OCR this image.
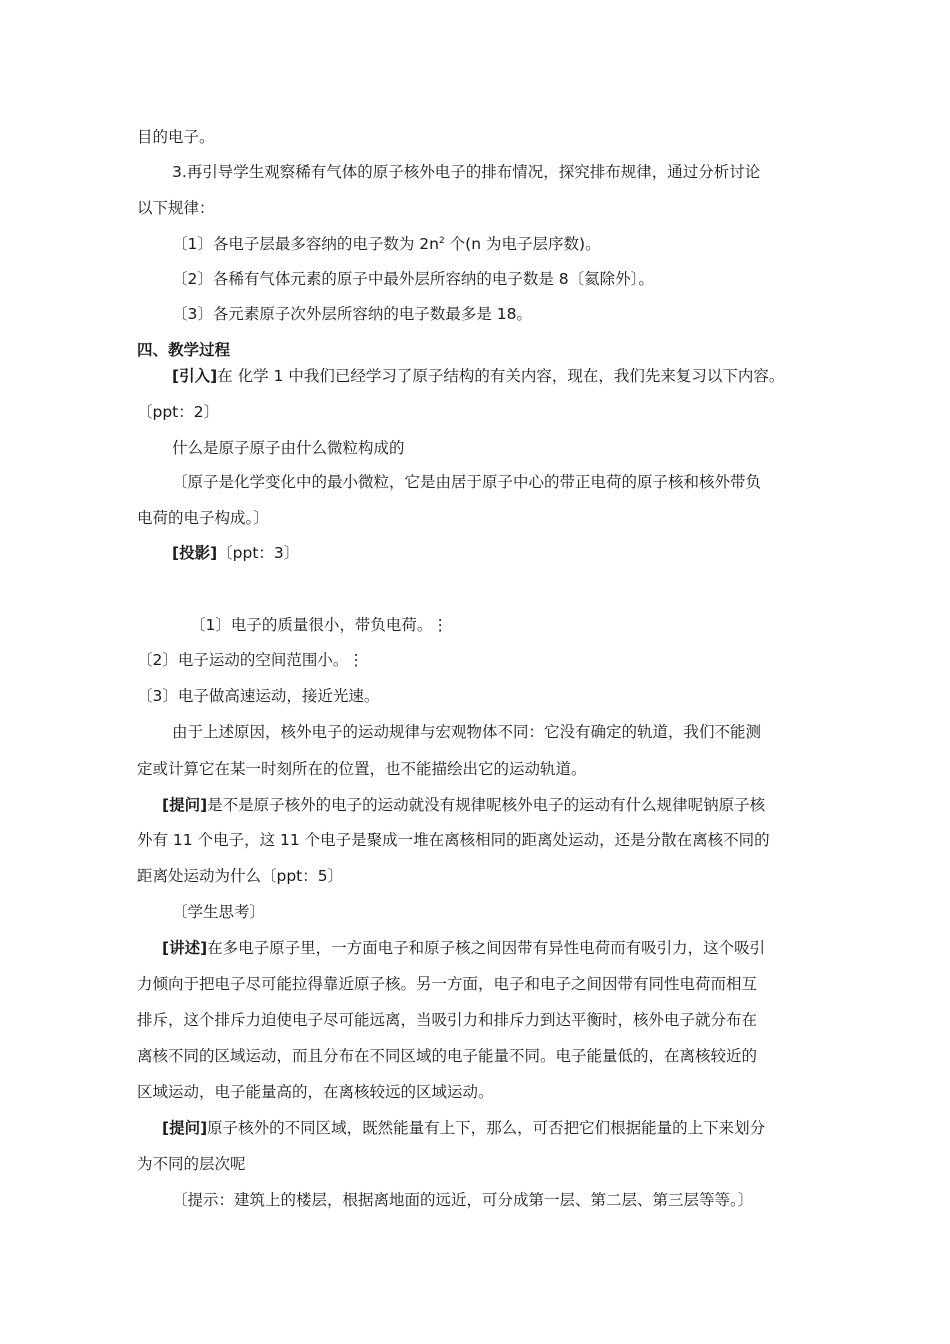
目的电子。

3.再引导学生观察稀有气体的原子核外电子的排布情况，探究排布规律，通过分析讨论

以下规律：

〔1〕各电子层最多容纳的电子数为 $2n^2$ 个(n 为电子层序数)。

〔2〕各稀有气体元素的原子中最外层所容纳的电子数是 8〔氦除外〕。

〔3〕各元素原子次外层所容纳的电子数最多是 18。

四、教学过程

[引入]在 化学 1 中我们已经学习了原子结构的有关内容，现在，我们先来复习以下内容。

〔ppt：2〕

什么是原子原子由什么微粒构成的

〔原子是化学变化中的最小微粒，它是由居于原子中心的带正电荷的原子核和核外带负

电荷的电子构成。〕

[投影]〔ppt：3〕

〔1〕电子的质量很小，带负电荷。⋮

〔2〕电子运动的空间范围小。⋮

〔3〕电子做高速运动，接近光速。

由于上述原因，核外电子的运动规律与宏观物体不同：它没有确定的轨道，我们不能测

定或计算它在某一时刻所在的位置，也不能描绘出它的运动轨道。

[提问]是不是原子核外的电子的运动就没有规律呢核外电子的运动有什么规律呢钠原子核

外有 11 个电子，这 11 个电子是聚成一堆在离核相同的距离处运动，还是分散在离核不同的

距离处运动为什么〔ppt：5〕

〔学生思考〕

[讲述]在多电子原子里，一方面电子和原子核之间因带有异性电荷而有吸引力，这个吸引

力倾向于把电子尽可能拉得靠近原子核。另一方面，电子和电子之间因带有同性电荷而相互

排斥，这个排斥力迫使电子尽可能远离，当吸引力和排斥力到达平衡时，核外电子就分布在

离核不同的区域运动，而且分布在不同区域的电子能量不同。电子能量低的，在离核较近的

区域运动，电子能量高的，在离核较远的区域运动。

[提问]原子核外的不同区域，既然能量有上下，那么，可否把它们根据能量的上下来划分

为不同的层次呢

〔提示：建筑上的楼层，根据离地面的远近，可分成第一层、第二层、第三层等等。〕
